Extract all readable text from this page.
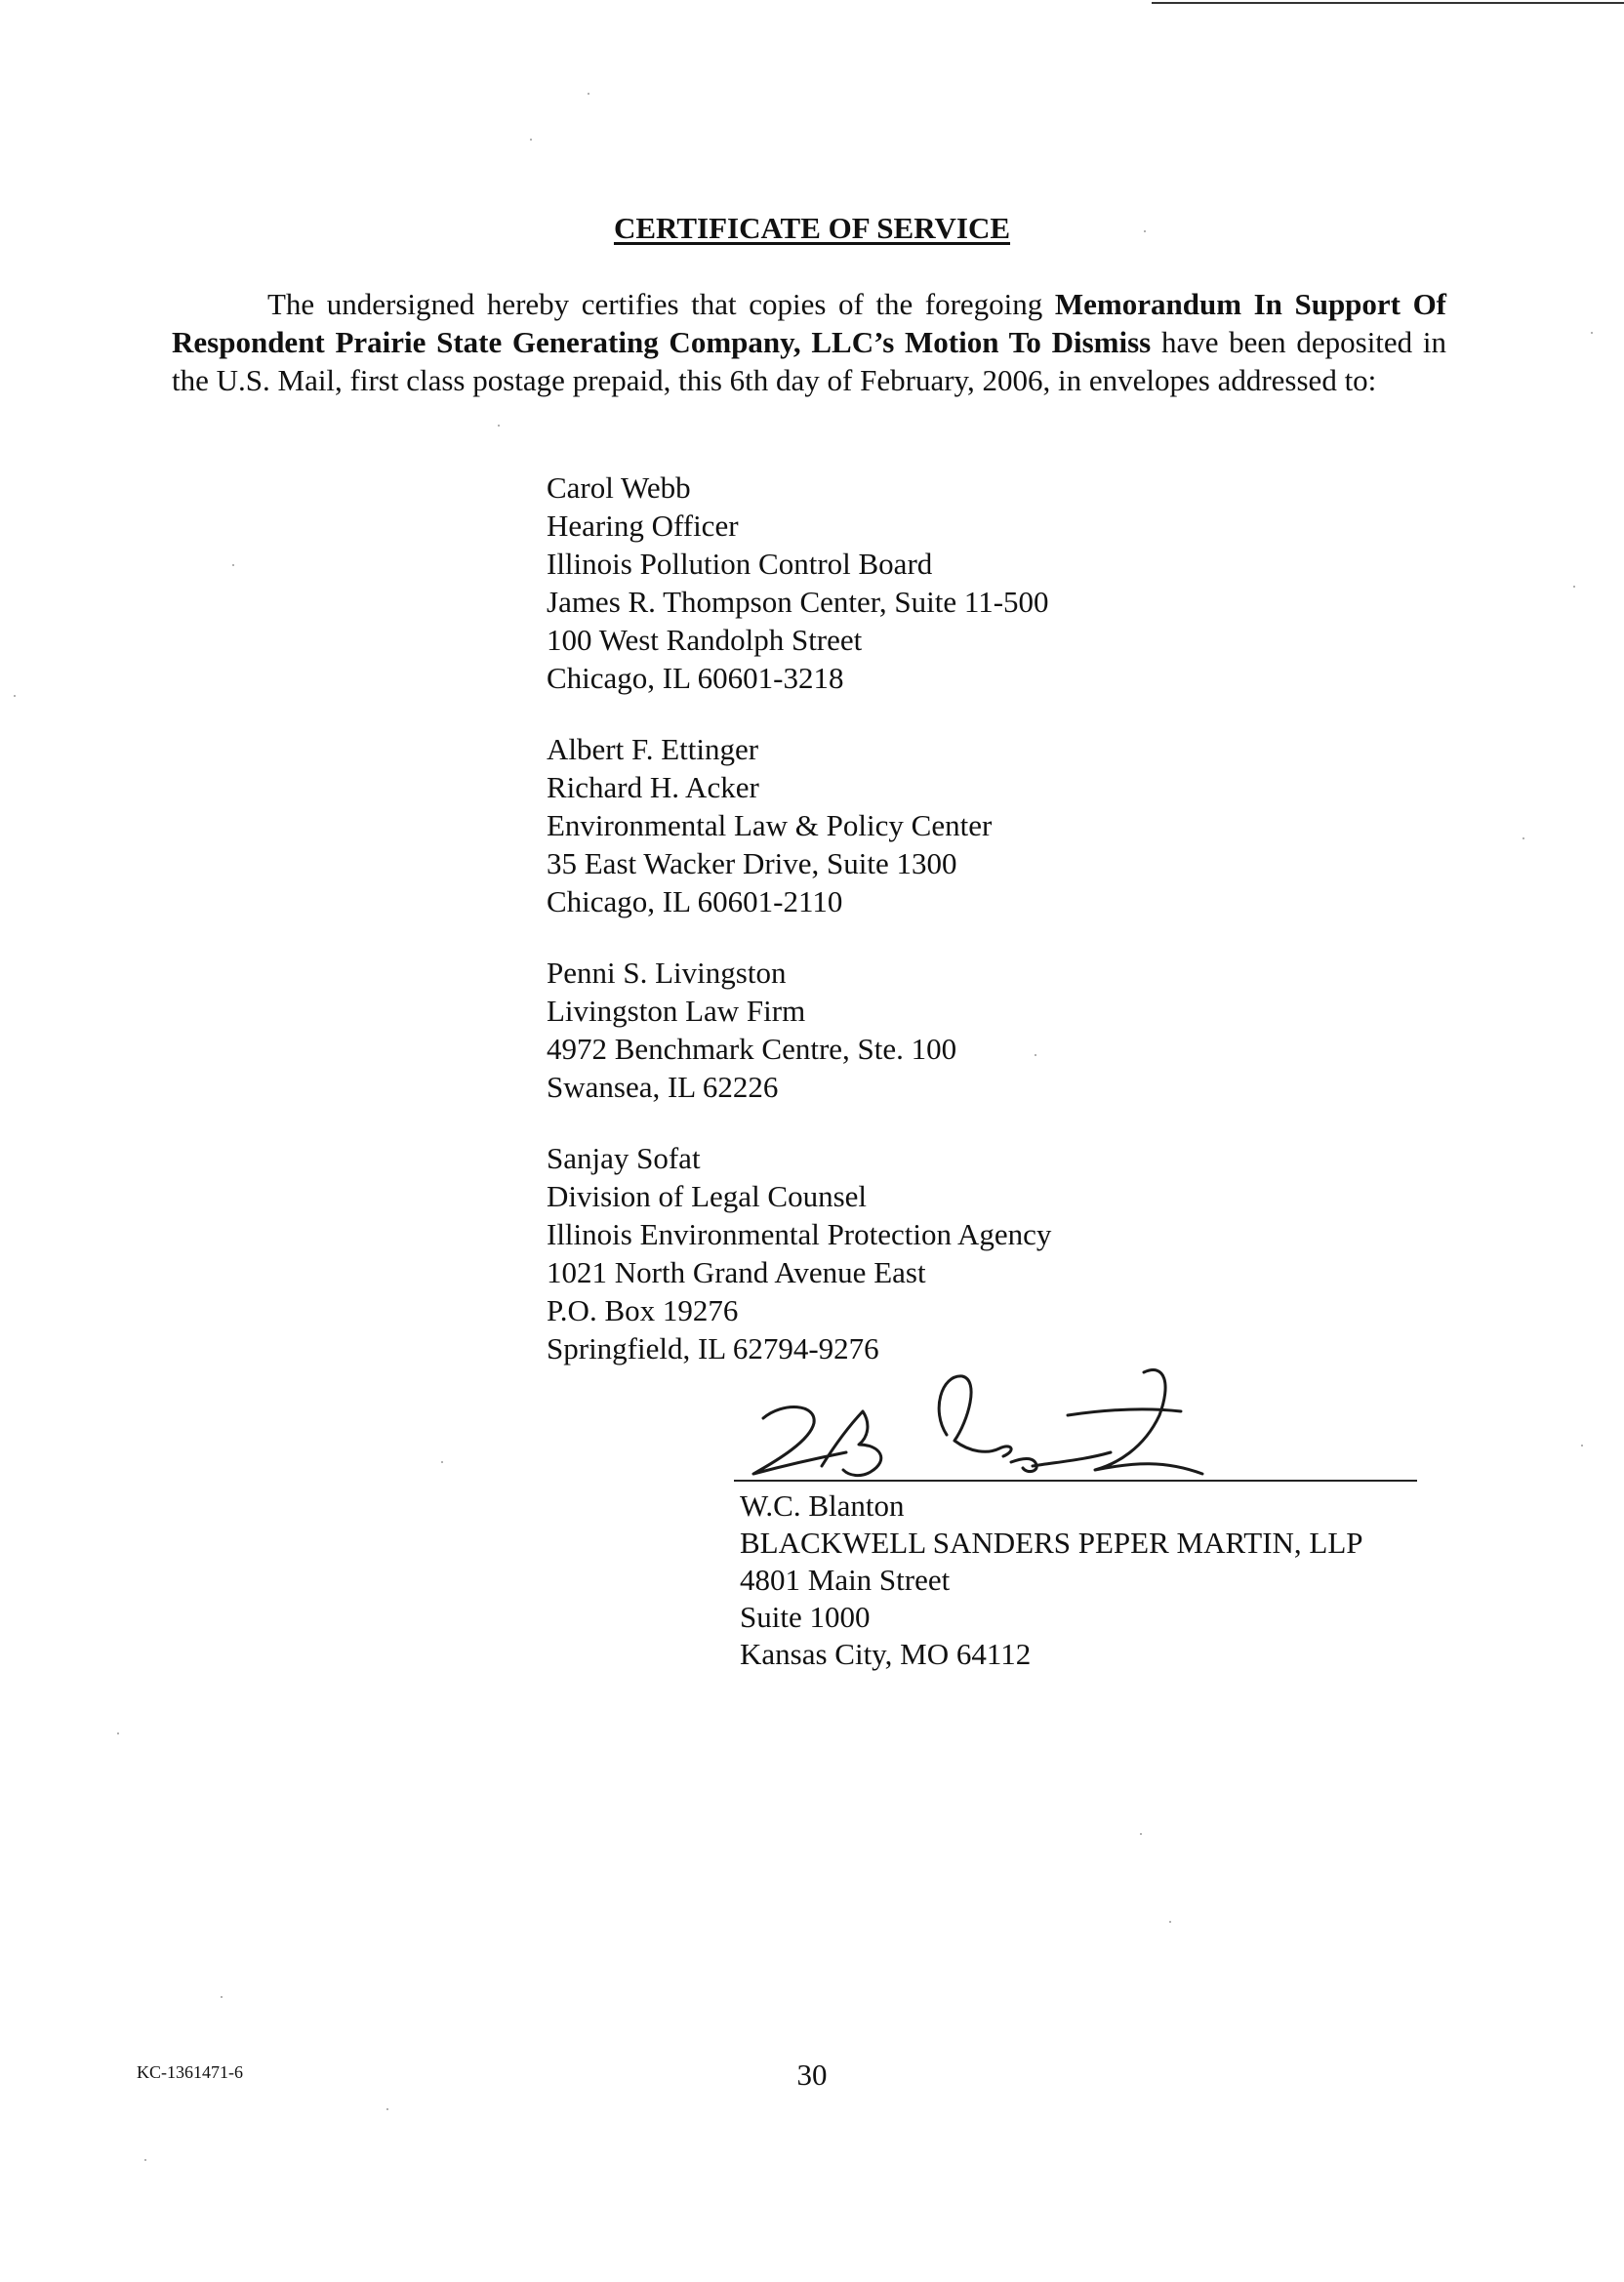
CERTIFICATE OF SERVICE

The undersigned hereby certifies that copies of the foregoing Memorandum In Support Of Respondent Prairie State Generating Company, LLC’s Motion To Dismiss have been deposited in the U.S. Mail, first class postage prepaid, this 6th day of February, 2006, in envelopes addressed to:

Carol Webb
Hearing Officer
Illinois Pollution Control Board
James R. Thompson Center, Suite 11-500
100 West Randolph Street
Chicago, IL 60601-3218
Albert F. Ettinger
Richard H. Acker
Environmental Law & Policy Center
35 East Wacker Drive, Suite 1300
Chicago, IL 60601-2110
Penni S. Livingston
Livingston Law Firm
4972 Benchmark Centre, Ste. 100
Swansea, IL 62226
Sanjay Sofat
Division of Legal Counsel
Illinois Environmental Protection Agency
1021 North Grand Avenue East
P.O. Box 19276
Springfield, IL 62794-9276
W.C. Blanton
BLACKWELL SANDERS PEPER MARTIN, LLP
4801 Main Street
Suite 1000
Kansas City, MO 64112
KC-1361471-6	30
